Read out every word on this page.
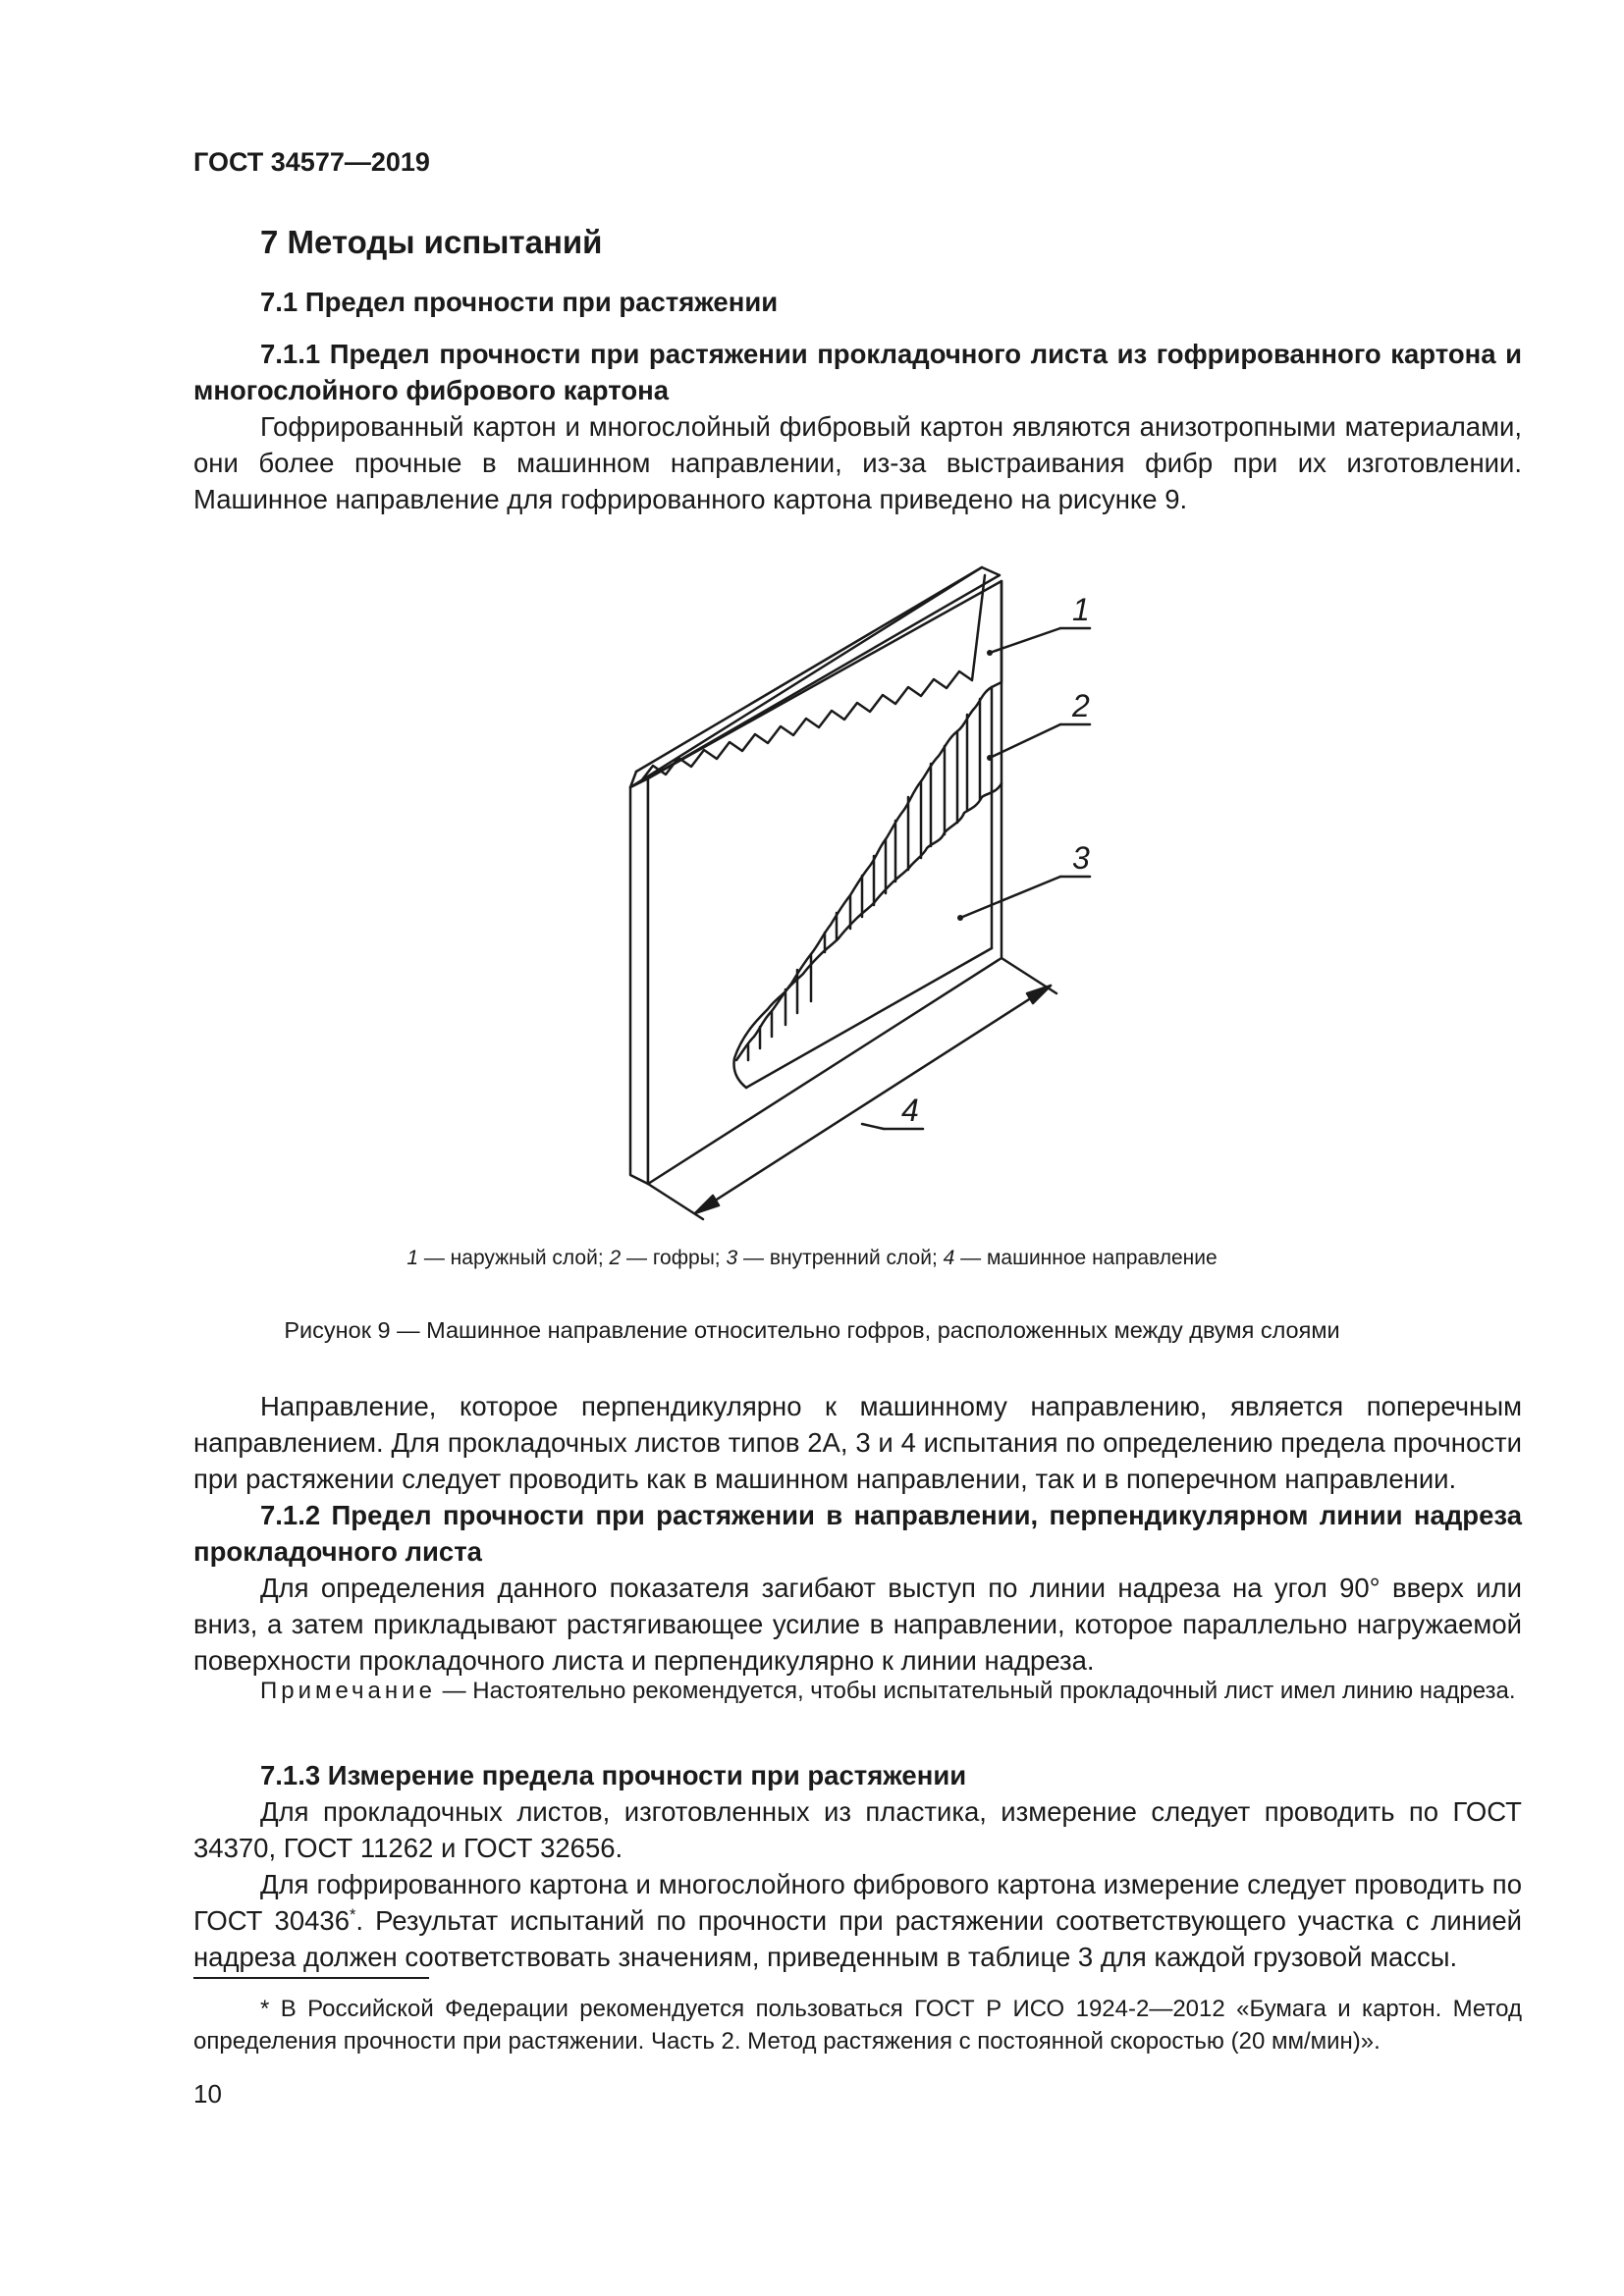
ГОСТ 34577—2019
7 Методы испытаний
7.1 Предел прочности при растяжении

7.1.1 Предел прочности при растяжении прокладочного листа из гофрированного картона и многослойного фибрового картона

Гофрированный картон и многослойный фибровый картон являются анизотропными материалами, они более прочные в машинном направлении, из-за выстраивания фибр при их изготовлении. Машинное направление для гофрированного картона приведено на рисунке 9.

1
2
3
4
1 — наружный слой; 2 — гофры; 3 — внутренний слой; 4 — машинное направление
Рисунок 9 — Машинное направление относительно гофров, расположенных между двумя слоями

Направление, которое перпендикулярно к машинному направлению, является поперечным направлением. Для прокладочных листов типов 2А, 3 и 4 испытания по определению предела прочности при растяжении следует проводить как в машинном направлении, так и в поперечном направлении.

7.1.2 Предел прочности при растяжении в направлении, перпендикулярном линии надреза прокладочного листа

Для определения данного показателя загибают выступ по линии надреза на угол 90° вверх или вниз, а затем прикладывают растягивающее усилие в направлении, которое параллельно нагружаемой поверхности прокладочного листа и перпендикулярно к линии надреза.

Примечание — Настоятельно рекомендуется, чтобы испытательный прокладочный лист имел линию надреза.

7.1.3 Измерение предела прочности при растяжении

Для прокладочных листов, изготовленных из пластика, измерение следует проводить по ГОСТ 34370, ГОСТ 11262 и ГОСТ 32656.

Для гофрированного картона и многослойного фибрового картона измерение следует проводить по ГОСТ 30436*. Результат испытаний по прочности при растяжении соответствующего участка с линией надреза должен соответствовать значениям, приведенным в таблице 3 для каждой грузовой массы.

* В Российской Федерации рекомендуется пользоваться ГОСТ Р ИСО 1924-2—2012 «Бумага и картон. Метод определения прочности при растяжении. Часть 2. Метод растяжения с постоянной скоростью (20 мм/мин)».

10
